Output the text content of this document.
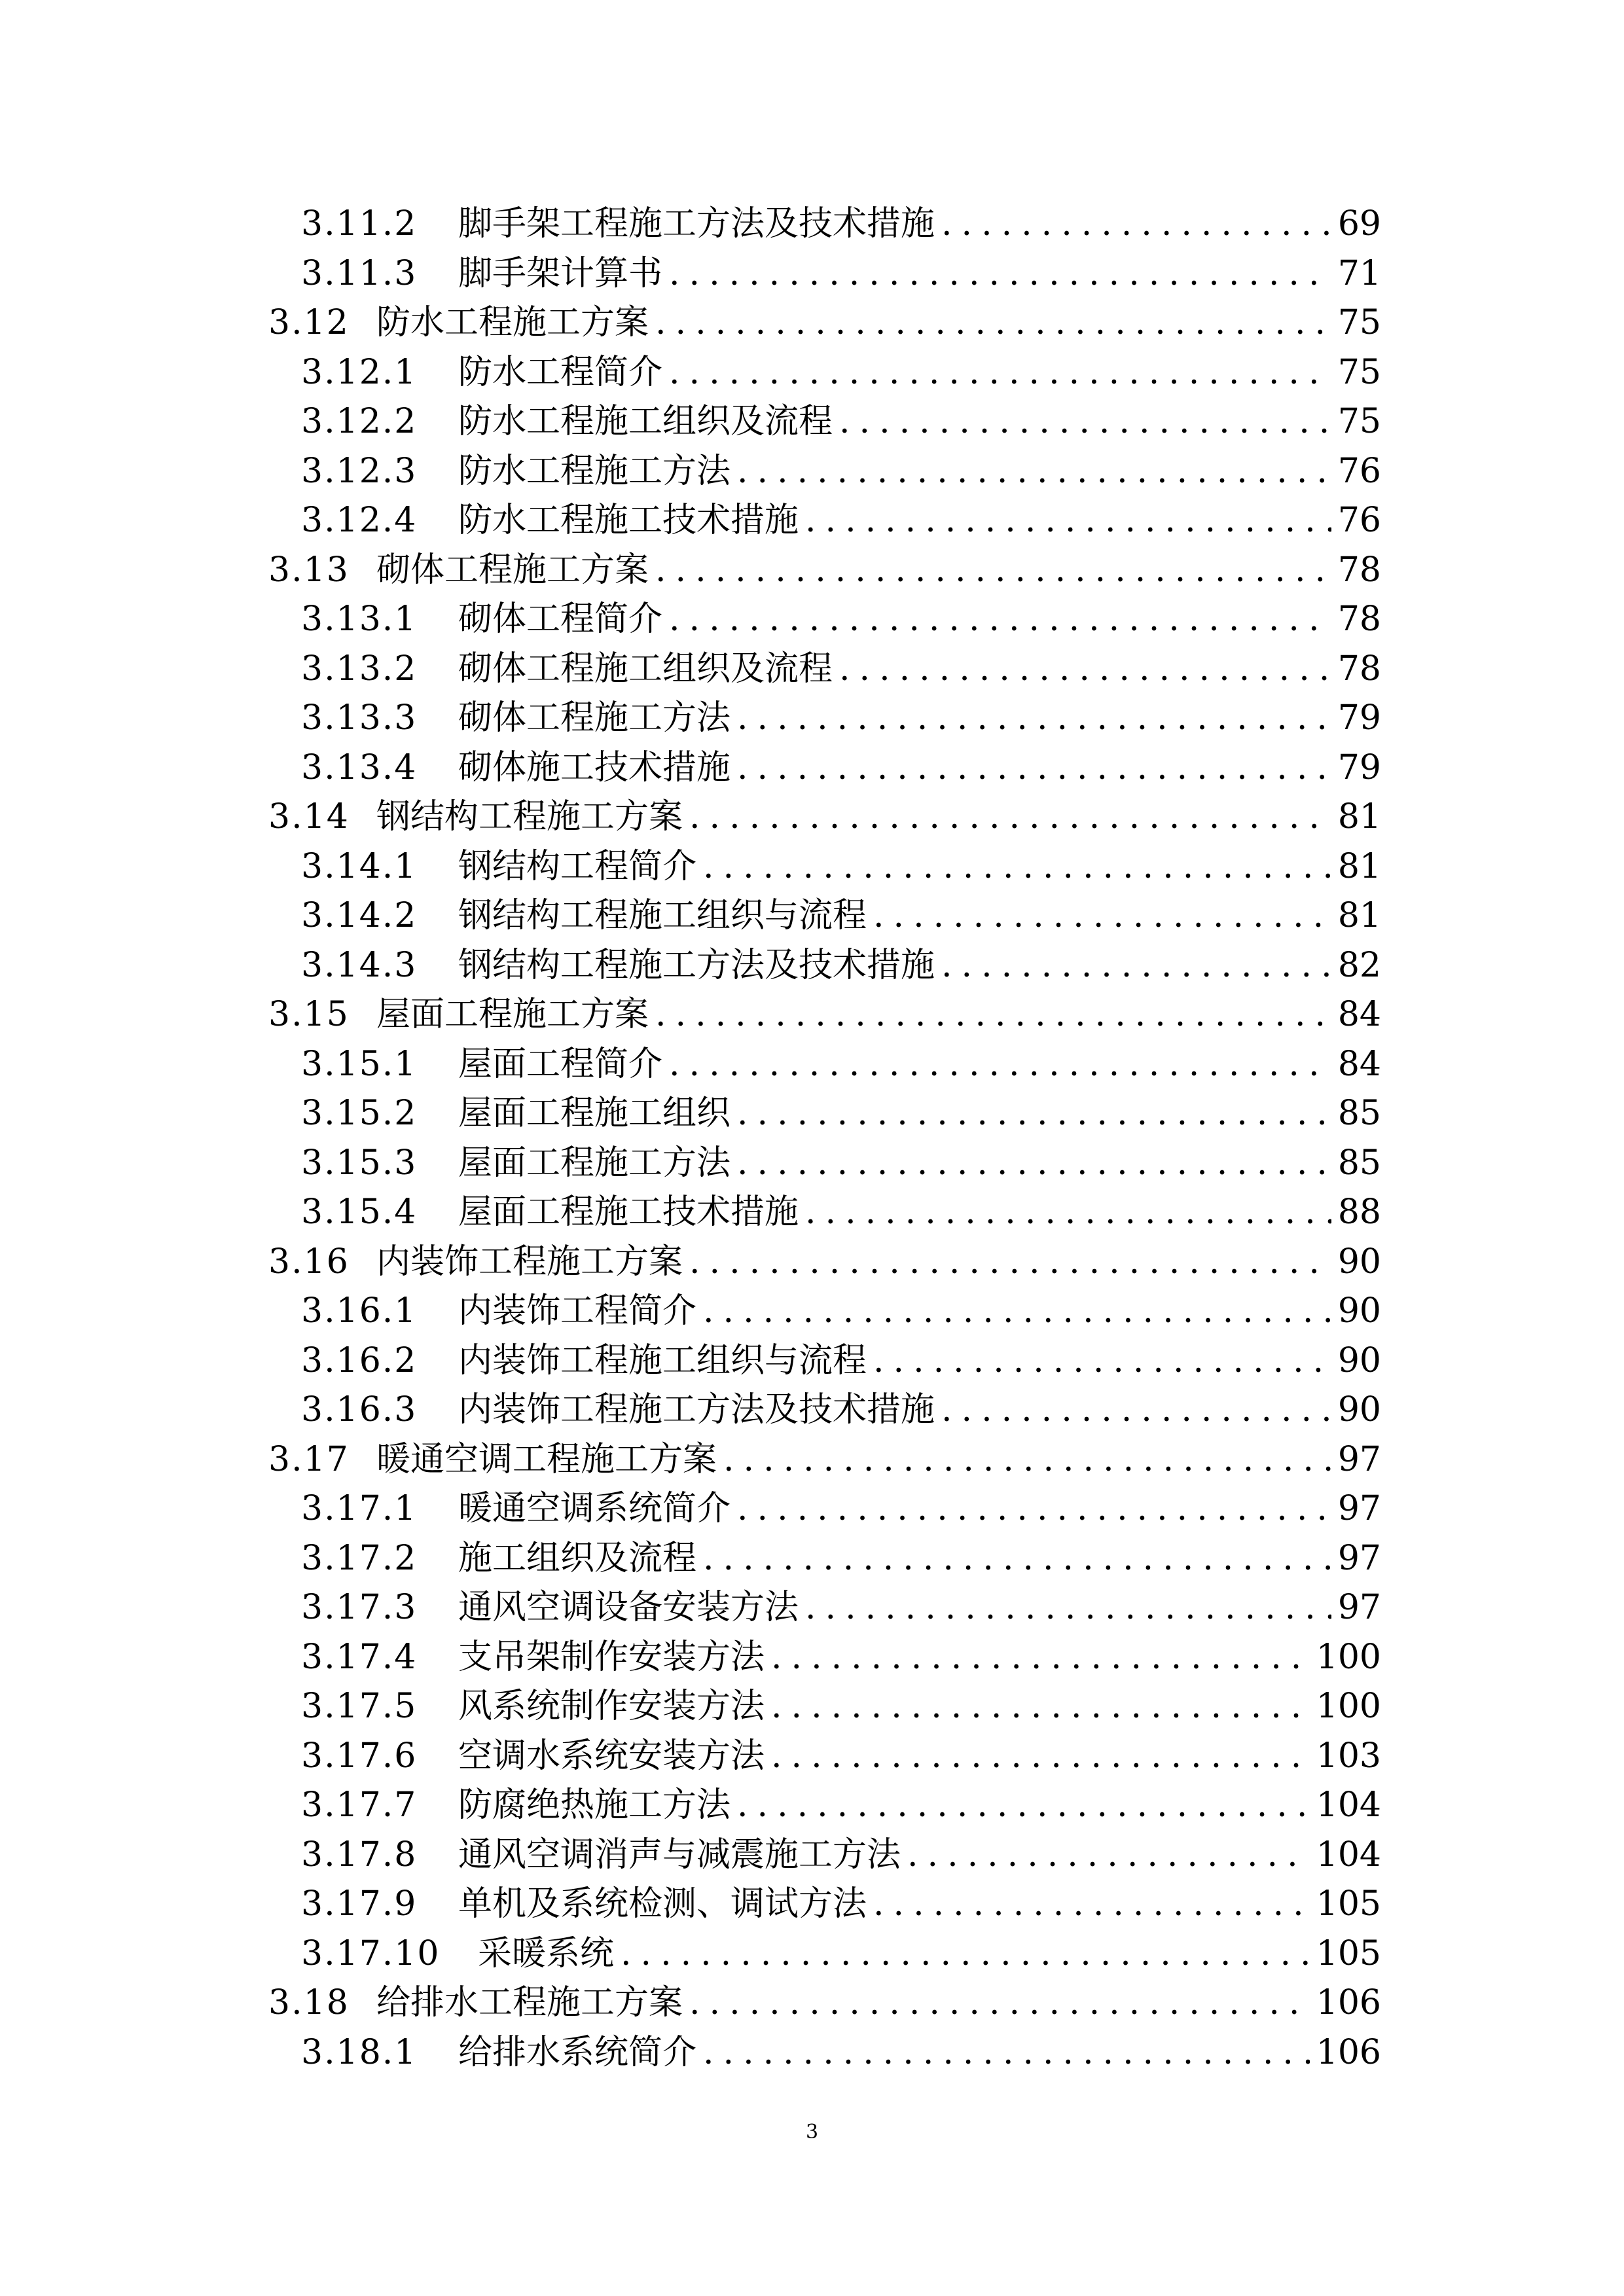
3.11.2	脚手架工程施工方法及技术措施 .....	69
3.11.3	脚手架计算书 .....	71
3.12 防水工程施工方案 .....	75
3.12.1	防水工程简介 .....	75
3.12.2	防水工程施工组织及流程 .....	75
3.12.3	防水工程施工方法 .....	76
3.12.4	防水工程施工技术措施 .....	76
3.13 砌体工程施工方案 .....	78
3.13.1	砌体工程简介 .....	78
3.13.2	砌体工程施工组织及流程 .....	78
3.13.3	砌体工程施工方法 .....	79
3.13.4	砌体施工技术措施 .....	79
3.14 钢结构工程施工方案 .....	81
3.14.1	钢结构工程简介 .....	81
3.14.2	钢结构工程施工组织与流程 .....	81
3.14.3	钢结构工程施工方法及技术措施 .....	82
3.15 屋面工程施工方案 .....	84
3.15.1	屋面工程简介 .....	84
3.15.2	屋面工程施工组织 .....	85
3.15.3	屋面工程施工方法 .....	85
3.15.4	屋面工程施工技术措施 .....	88
3.16 内装饰工程施工方案 .....	90
3.16.1	内装饰工程简介 .....	90
3.16.2	内装饰工程施工组织与流程 .....	90
3.16.3	内装饰工程施工方法及技术措施 .....	90
3.17 暖通空调工程施工方案 .....	97
3.17.1	暖通空调系统简介 .....	97
3.17.2	施工组织及流程 .....	97
3.17.3	通风空调设备安装方法 .....	97
3.17.4	支吊架制作安装方法 .....	100
3.17.5	风系统制作安装方法 .....	100
3.17.6	空调水系统安装方法 .....	103
3.17.7	防腐绝热施工方法 .....	104
3.17.8	通风空调消声与减震施工方法 .....	104
3.17.9	单机及系统检测、调试方法 .....	105
3.17.10	采暖系统 .....	105
3.18 给排水工程施工方案 .....	106
3.18.1	给排水系统简介 .....	106
3
